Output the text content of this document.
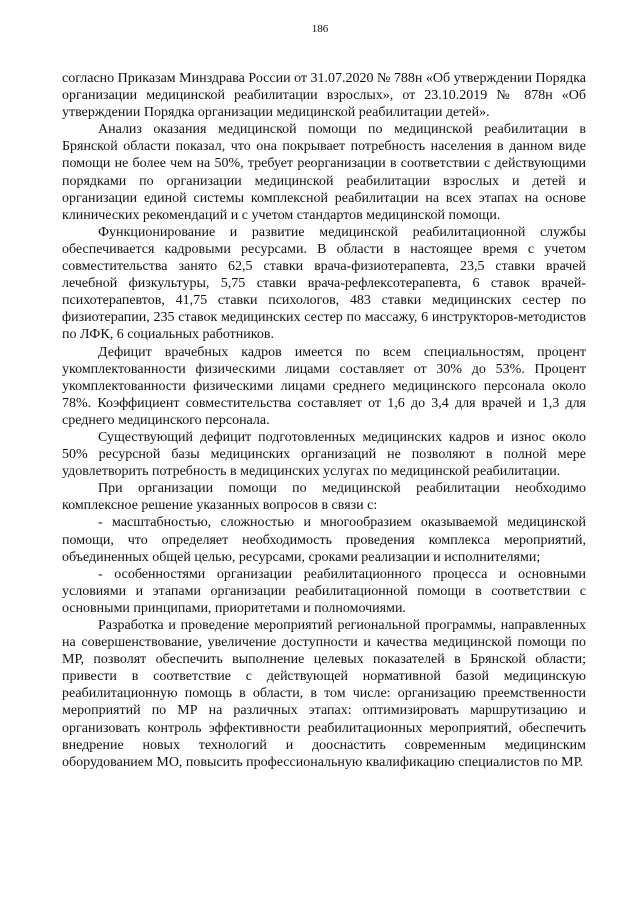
186

согласно Приказам Минздрава России от 31.07.2020 № 788н «Об утверждении Порядка организации медицинской реабилитации взрослых», от 23.10.2019 № 878н «Об утверждении Порядка организации медицинской реабилитации детей».

Анализ оказания медицинской помощи по медицинской реабилитации в Брянской области показал, что она покрывает потребность населения в данном виде помощи не более чем на 50%, требует реорганизации в соответствии с действующими порядками по организации медицинской реабилитации взрослых и детей и организации единой системы комплексной реабилитации на всех этапах на основе клинических рекомендаций и с учетом стандартов медицинской помощи.

Функционирование и развитие медицинской реабилитационной службы обеспечивается кадровыми ресурсами. В области в настоящее время с учетом совместительства занято 62,5 ставки врача-физиотерапевта, 23,5 ставки врачей лечебной физкультуры, 5,75 ставки врача-рефлексотерапевта, 6 ставок врачей-психотерапевтов, 41,75 ставки психологов, 483 ставки медицинских сестер по физиотерапии, 235 ставок медицинских сестер по массажу, 6 инструкторов-методистов по ЛФК, 6 социальных работников.

Дефицит врачебных кадров имеется по всем специальностям, процент укомплектованности физическими лицами составляет от 30% до 53%. Процент укомплектованности физическими лицами среднего медицинского персонала около 78%. Коэффициент совместительства составляет от 1,6 до 3,4 для врачей и 1,3 для среднего медицинского персонала.

Существующий дефицит подготовленных медицинских кадров и износ около 50% ресурсной базы медицинских организаций не позволяют в полной мере удовлетворить потребность в медицинских услугах по медицинской реабилитации.

При организации помощи по медицинской реабилитации необходимо комплексное решение указанных вопросов в связи с:

- масштабностью, сложностью и многообразием оказываемой медицинской помощи, что определяет необходимость проведения комплекса мероприятий, объединенных общей целью, ресурсами, сроками реализации и исполнителями;

- особенностями организации реабилитационного процесса и основными условиями и этапами организации реабилитационной помощи в соответствии с основными принципами, приоритетами и полномочиями.

Разработка и проведение мероприятий региональной программы, направленных на совершенствование, увеличение доступности и качества медицинской помощи по МР, позволят обеспечить выполнение целевых показателей в Брянской области; привести в соответствие с действующей нормативной базой медицинскую реабилитационную помощь в области, в том числе: организацию преемственности мероприятий по МР на различных этапах: оптимизировать маршрутизацию и организовать контроль эффективности реабилитационных мероприятий, обеспечить внедрение новых технологий и дооснастить современным медицинским оборудованием МО, повысить профессиональную квалификацию специалистов по МР.
